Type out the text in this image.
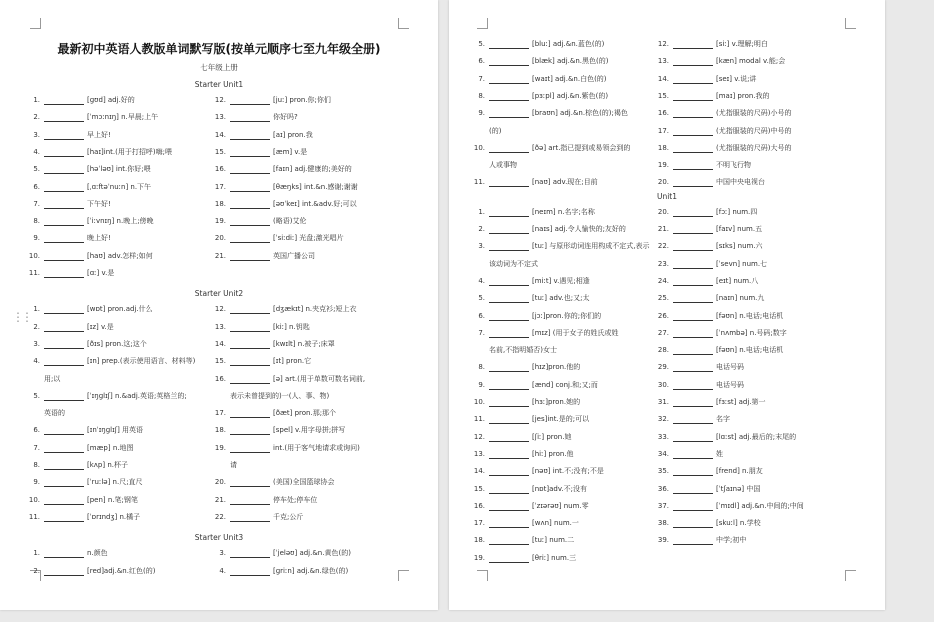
最新初中英语人教版单词默写版(按单元顺序七至九年级全册)
七年级上册
Starter Unit1
1.	[ɡʊd] adj.好的
2.	[ˈmɔːnɪŋ] n.早晨;上午
3.	早上好!
4.	[haɪ]int.(用于打招呼)嗨;喂
5.	[həˈləʊ] int.你好;喂
6.	[ˌɑːftəˈnuːn] n.下午
7.	下午好!
8.	[ˈiːvnɪŋ] n.晚上;傍晚
9.	晚上好!
10.	[haʊ] adv.怎样;如何
11.	[ɑː] v.是
12.	[juː] pron.你;你们
13.	你好吗?
14.	[aɪ] pron.我
15.	[æm] v.是
16.	[faɪn] adj.健康的;美好的
17.	[θæŋks] int.&n.感谢;谢谢
18.	[əʊˈkeɪ] int.&adv.好;可以
19.	(略语)艾伦
20.	[ˈsiːdiː] 光盘;激光唱片
21.	英国广播公司
Starter Unit2
1.	[wɒt] pron.adj.什么
2.	[ɪz] v.是
3.	[ðɪs] pron.这;这个
4.	[ɪn] prep.(表示使用语言、材料等)
用;以
5.	[ˈɪŋɡlɪʃ] n.&adj.英语;英格兰的;
英语的
6.	[ɪnˈɪŋɡlɪʃ] 用英语
7.	[mæp] n.地图
8.	[kʌp] n.杯子
9.	[ˈruːlə] n.尺;直尺
10.	[pen] n.笔;钢笔
11.	[ˈɒrɪndʒ] n.橘子
12.	[dʒækɪt] n.夹克衫;短上衣
13.	[kiː] n.钥匙
14.	[kwɪlt] n.被子;床罩
15.	[ɪt] pron.它
16.	[ə] art.(用于单数可数名词前,
表示未曾提到的)一(人、事、物)
17.	[ðæt] pron.那;那个
18.	[spel] v.用字母拼;拼写
19.	int.(用于客气地请求或询问)
请
20.	(美国)全国篮球协会
21.	停车处;停车位
22.	千克;公斤
Starter Unit3
1.	n.颜色
2.	[red]adj.&n.红色(的)
3.	[ˈjeləʊ] adj.&n.黄色(的)
4.	[ɡriːn] adj.&n.绿色(的)
5.	[bluː] adj.&n.蓝色(的)
6.	[blæk] adj.&n.黑色(的)
7.	[waɪt] adj.&n.白色(的)
8.	[pɜːpl] adj.&n.紫色(的)
9.	[braʊn] adj.&n.棕色(的);褐色
(的)
10.	[ðə] art.指已提到或易领会到的
人或事物
11.	[naʊ] adv.现在;目前
12.	[siː] v.理解;明白
13.	[kæn] modal v.能;会
14.	[seɪ] v.说;讲
15.	[maɪ] pron.我的
16.	(尤指服装的尺码)小号的
17.	(尤指服装的尺码)中号的
18.	(尤指服装的尺码)大号的
19.	不明飞行物
20.	中国中央电视台
Unit1
1.	[neɪm] n.名字;名称
2.	[naɪs] adj.令人愉快的;友好的
3.	[tuː] 与原形动词连用构成不定式,表示
该动词为不定式
4.	[miːt] v.遇见;相逢
5.	[tuː] adv.也;又;太
6.	[jɔː]pron.你的;你们的
7.	[mɪz] (用于女子的姓氏或姓
名前,不指明婚否)女士
8.	[hɪz]pron.他的
9.	[ænd] conj.和;又;而
10.	[hɜː]pron.她的
11.	[jes]int.是的;可以
12.	[ʃiː] pron.她
13.	[hiː] pron.他
14.	[nəʊ] int.不;没有;不是
15.	[nɒt]adv.不;没有
16.	[ˈzɪərəʊ] num.零
17.	[wʌn] num.一
18.	[tuː] num.二
19.	[θriː] num.三
20.	[fɔː] num.四
21.	[faɪv] num.五
22.	[sɪks] num.六
23.	[ˈsevn] num.七
24.	[eɪt] num.八
25.	[naɪn] num.九
26.	[fəʊn] n.电话;电话机
27.	[ˈnʌmbə] n.号码;数字
28.	[fəʊn] n.电话;电话机
29.	电话号码
30.	电话号码
31.	[fɜːst] adj.第一
32.	名字
33.	[lɑːst] adj.最后的;末尾的
34.	姓
35.	[frend] n.朋友
36.	[ˈtʃaɪnə] 中国
37.	[ˈmɪdl] adj.&n.中间的;中间
38.	[skuːl] n.学校
39.	中学;初中
⋮⋮
